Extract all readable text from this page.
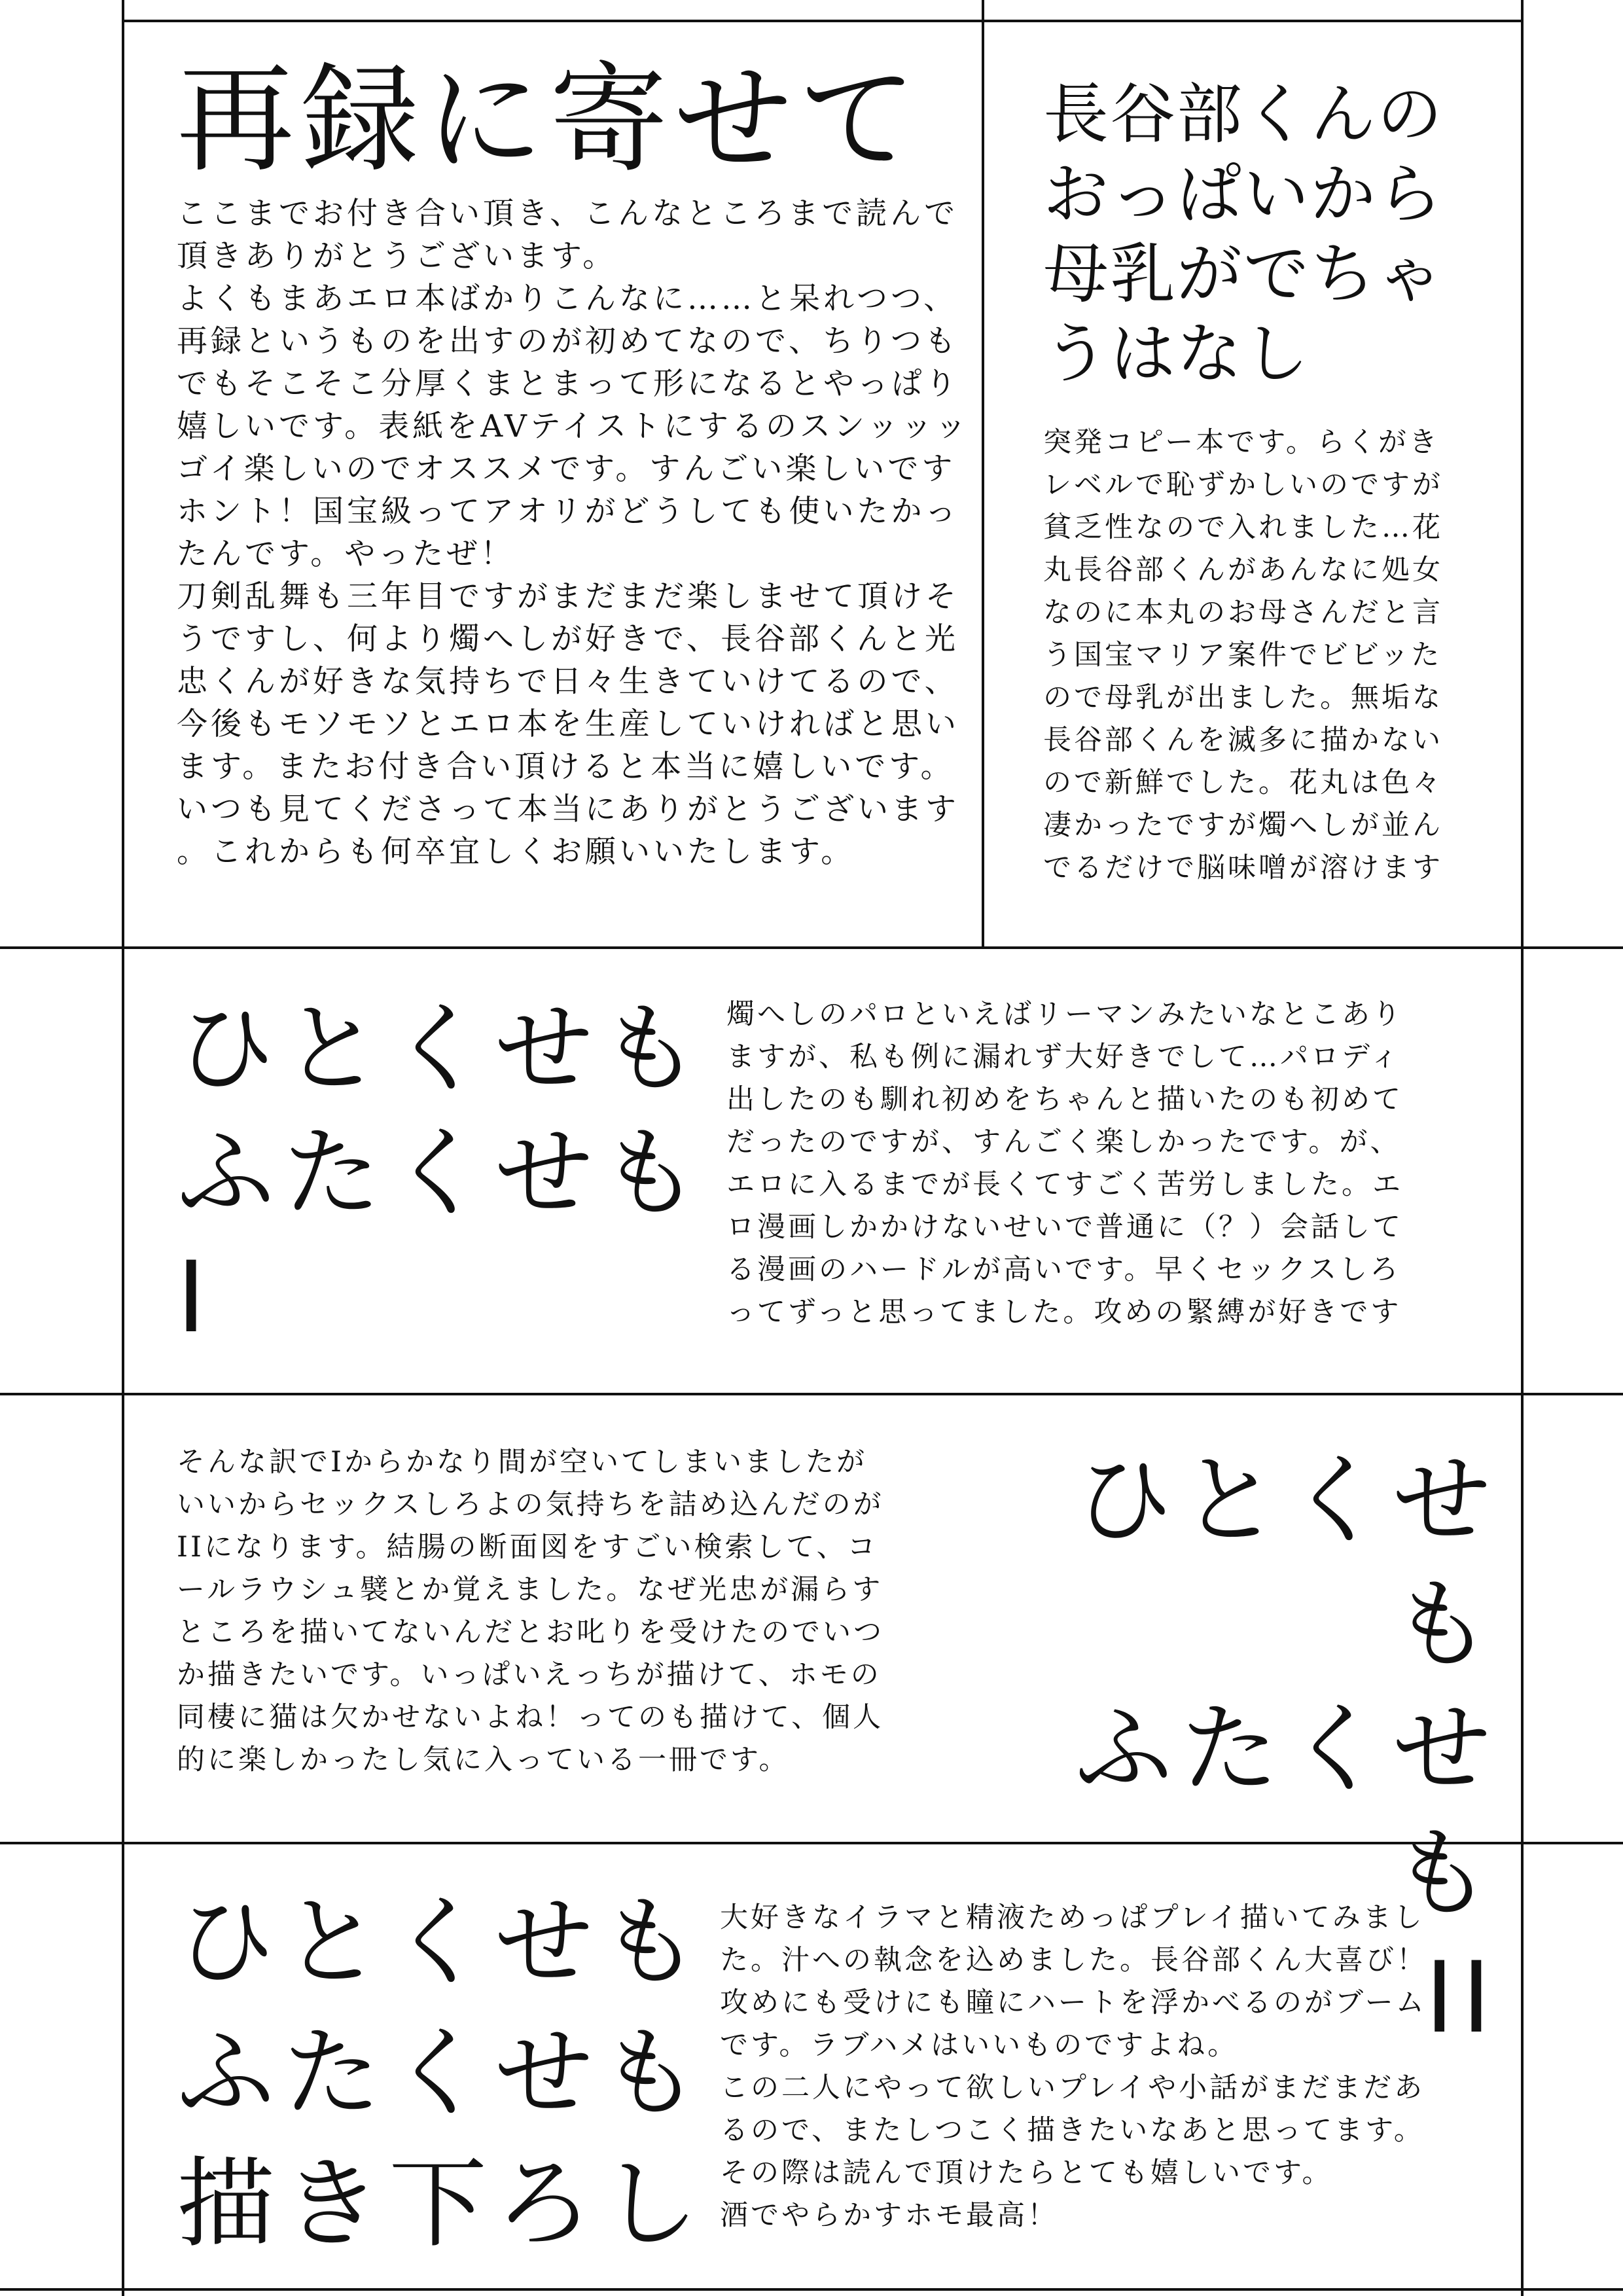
再録に寄せて

ここまでお付き合い頂き、こんなところまで読んで
頂きありがとうございます。
よくもまあエロ本ばかりこんなに……と呆れつつ、
再録というものを出すのが初めてなので、ちりつも
でもそこそこ分厚くまとまって形になるとやっぱり
嬉しいです。表紙をAVテイストにするのスンッッッ
ゴイ楽しいのでオススメです。すんごい楽しいです
ホント！国宝級ってアオリがどうしても使いたかっ
たんです。やったぜ！
刀剣乱舞も三年目ですがまだまだ楽しませて頂けそ
うですし、何より燭へしが好きで、長谷部くんと光
忠くんが好きな気持ちで日々生きていけてるので、
今後もモソモソとエロ本を生産していければと思い
ます。またお付き合い頂けると本当に嬉しいです。
いつも見てくださって本当にありがとうございます
。これからも何卒宜しくお願いいたします。

長谷部くんの
おっぱいから
母乳がでちゃ
うはなし

突発コピー本です。らくがき
レベルで恥ずかしいのですが
貧乏性なので入れました…花
丸長谷部くんがあんなに処女
なのに本丸のお母さんだと言
う国宝マリア案件でビビッた
ので母乳が出ました。無垢な
長谷部くんを滅多に描かない
ので新鮮でした。花丸は色々
凄かったですが燭へしが並ん
でるだけで脳味噌が溶けます

ひとくせも
ふたくせも
I

燭へしのパロといえばリーマンみたいなとこあり
ますが、私も例に漏れず大好きでして…パロディ
出したのも馴れ初めをちゃんと描いたのも初めて
だったのですが、すんごく楽しかったです。が、
エロに入るまでが長くてすごく苦労しました。エ
ロ漫画しかかけないせいで普通に（？）会話して
る漫画のハードルが高いです。早くセックスしろ
ってずっと思ってました。攻めの緊縛が好きです

そんな訳でIからかなり間が空いてしまいましたが
いいからセックスしろよの気持ちを詰め込んだのが
IIになります。結腸の断面図をすごい検索して、コ
ールラウシュ襞とか覚えました。なぜ光忠が漏らす
ところを描いてないんだとお叱りを受けたのでいつ
か描きたいです。いっぱいえっちが描けて、ホモの
同棲に猫は欠かせないよね！ってのも描けて、個人
的に楽しかったし気に入っている一冊です。

ひとくせも
ふたくせも
II
ひとくせも
ふたくせも
描き下ろし

大好きなイラマと精液ためっぱプレイ描いてみまし
た。汁への執念を込めました。長谷部くん大喜び！
攻めにも受けにも瞳にハートを浮かべるのがブーム
です。ラブハメはいいものですよね。
この二人にやって欲しいプレイや小話がまだまだあ
るので、またしつこく描きたいなあと思ってます。
その際は読んで頂けたらとても嬉しいです。
酒でやらかすホモ最高！
